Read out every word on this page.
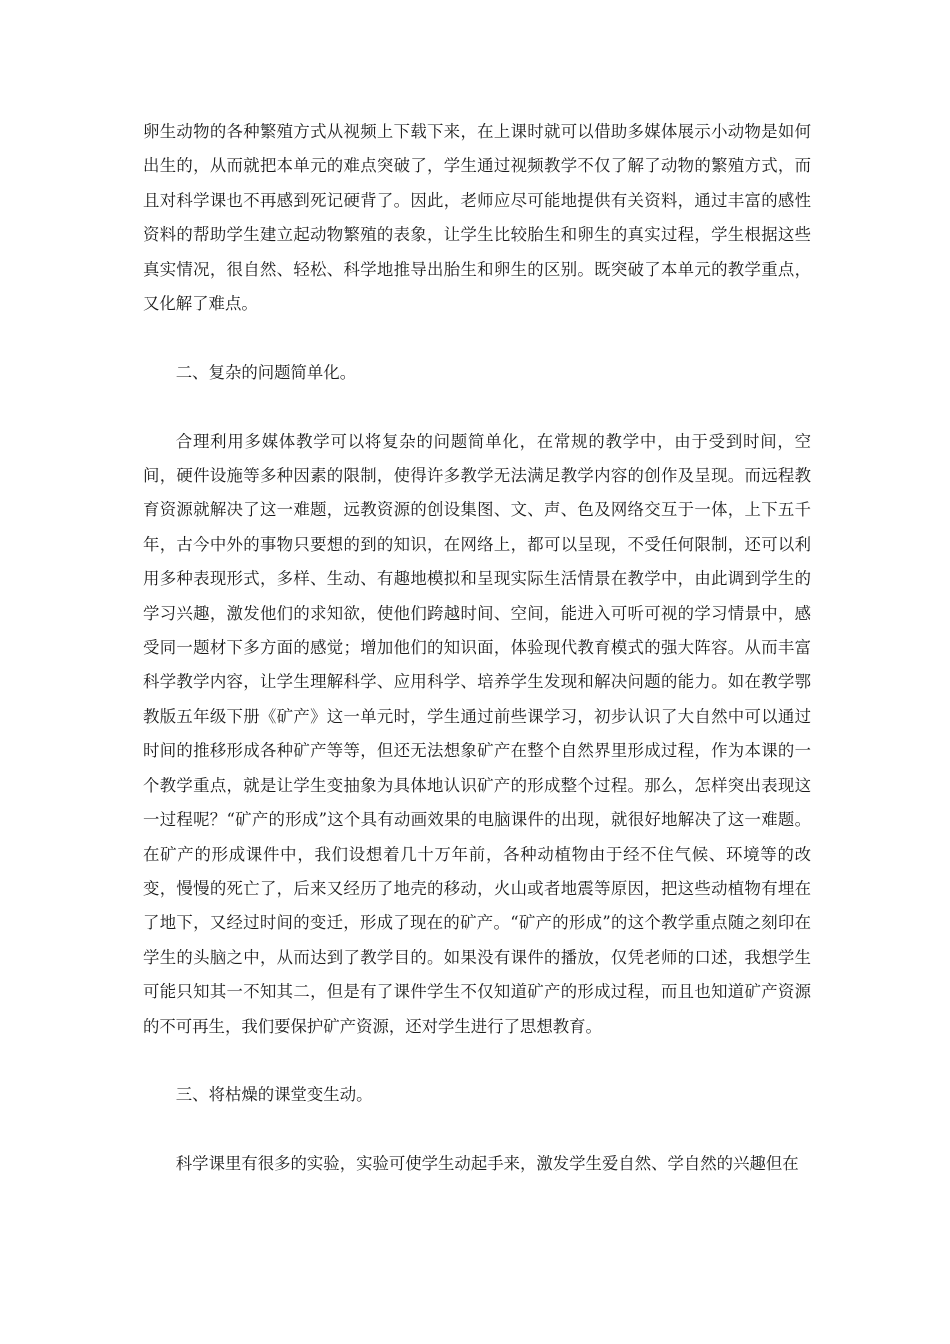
卵生动物的各种繁殖方式从视频上下载下来，在上课时就可以借助多媒体展示小动物是如何出生的，从而就把本单元的难点突破了，学生通过视频教学不仅了解了动物的繁殖方式，而且对科学课也不再感到死记硬背了。因此，老师应尽可能地提供有关资料，通过丰富的感性资料的帮助学生建立起动物繁殖的表象，让学生比较胎生和卵生的真实过程，学生根据这些真实情况，很自然、轻松、科学地推导出胎生和卵生的区别。既突破了本单元的教学重点，又化解了难点。

二、复杂的问题简单化。

合理利用多媒体教学可以将复杂的问题简单化，在常规的教学中，由于受到时间，空间，硬件设施等多种因素的限制，使得许多教学无法满足教学内容的创作及呈现。而远程教育资源就解决了这一难题，远教资源的创设集图、文、声、色及网络交互于一体，上下五千年，古今中外的事物只要想的到的知识，在网络上，都可以呈现，不受任何限制，还可以利用多种表现形式，多样、生动、有趣地模拟和呈现实际生活情景在教学中，由此调到学生的学习兴趣，激发他们的求知欲，使他们跨越时间、空间，能进入可听可视的学习情景中，感受同一题材下多方面的感觉；增加他们的知识面，体验现代教育模式的强大阵容。从而丰富科学教学内容，让学生理解科学、应用科学、培养学生发现和解决问题的能力。如在教学鄂教版五年级下册《矿产》这一单元时，学生通过前些课学习，初步认识了大自然中可以通过时间的推移形成各种矿产等等，但还无法想象矿产在整个自然界里形成过程，作为本课的一个教学重点，就是让学生变抽象为具体地认识矿产的形成整个过程。那么，怎样突出表现这一过程呢？“矿产的形成”这个具有动画效果的电脑课件的出现，就很好地解决了这一难题。在矿产的形成课件中，我们设想着几十万年前，各种动植物由于经不住气候、环境等的改变，慢慢的死亡了，后来又经历了地壳的移动，火山或者地震等原因，把这些动植物有埋在了地下，又经过时间的变迁，形成了现在的矿产。“矿产的形成”的这个教学重点随之刻印在学生的头脑之中，从而达到了教学目的。如果没有课件的播放，仅凭老师的口述，我想学生可能只知其一不知其二，但是有了课件学生不仅知道矿产的形成过程，而且也知道矿产资源的不可再生，我们要保护矿产资源，还对学生进行了思想教育。

三、将枯燥的课堂变生动。

科学课里有很多的实验，实验可使学生动起手来，激发学生爱自然、学自然的兴趣但在
